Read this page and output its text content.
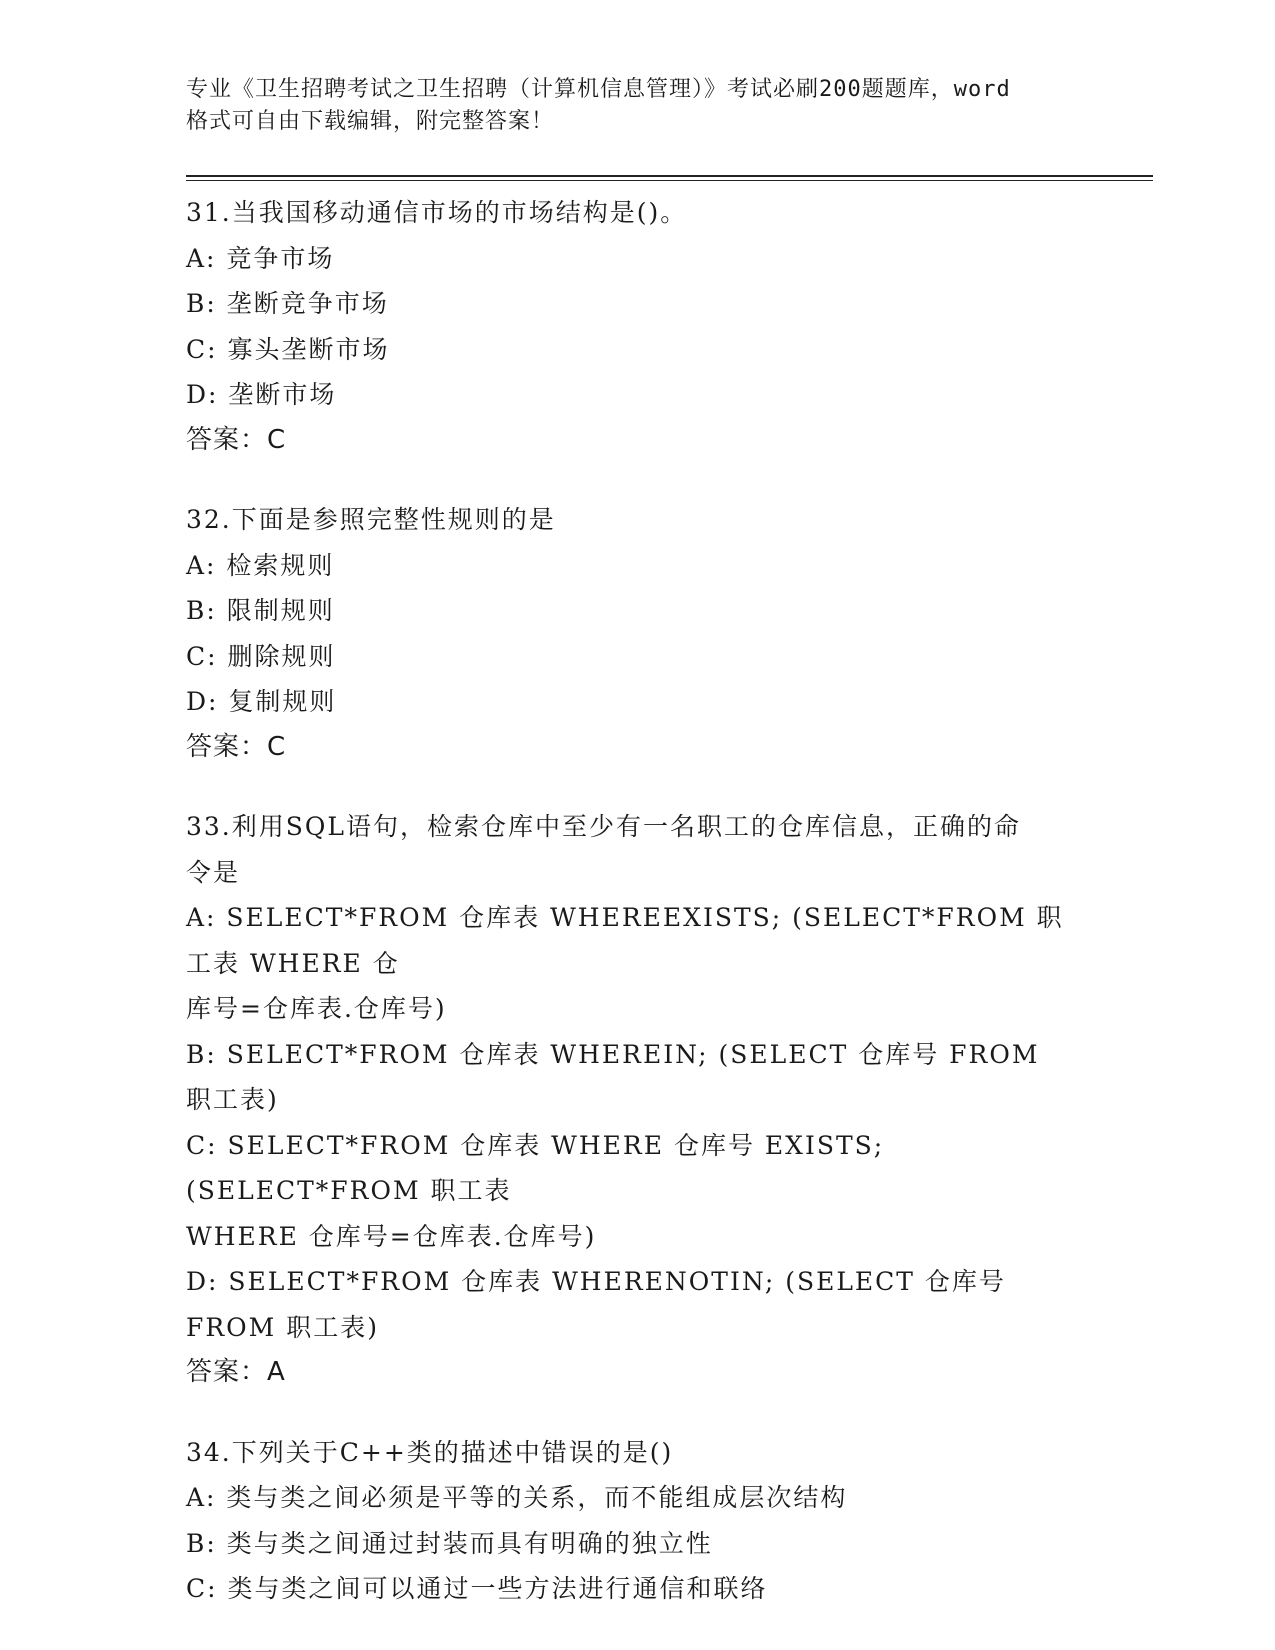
专业《卫生招聘考试之卫生招聘（计算机信息管理）》考试必刷200题题库，word
格式可自由下载编辑，附完整答案！
31.当我国移动通信市场的市场结构是()。
A: 竞争市场
B: 垄断竞争市场
C: 寡头垄断市场
D: 垄断市场
答案：C
32.下面是参照完整性规则的是
A: 检索规则
B: 限制规则
C: 删除规则
D: 复制规则
答案：C
33.利用SQL语句，检索仓库中至少有一名职工的仓库信息，正确的命
令是
A: SELECT*FROM 仓库表 WHEREEXISTS; (SELECT*FROM 职工表 WHERE 仓
库号=仓库表.仓库号)
B: SELECT*FROM 仓库表 WHEREIN; (SELECT 仓库号 FROM 职工表)
C: SELECT*FROM 仓库表 WHERE 仓库号 EXISTS; (SELECT*FROM 职工表
WHERE 仓库号=仓库表.仓库号)
D: SELECT*FROM 仓库表 WHERENOTIN; (SELECT 仓库号 FROM 职工表)
答案：A
34.下列关于C++类的描述中错误的是()
A: 类与类之间必须是平等的关系，而不能组成层次结构
B: 类与类之间通过封装而具有明确的独立性
C: 类与类之间可以通过一些方法进行通信和联络
